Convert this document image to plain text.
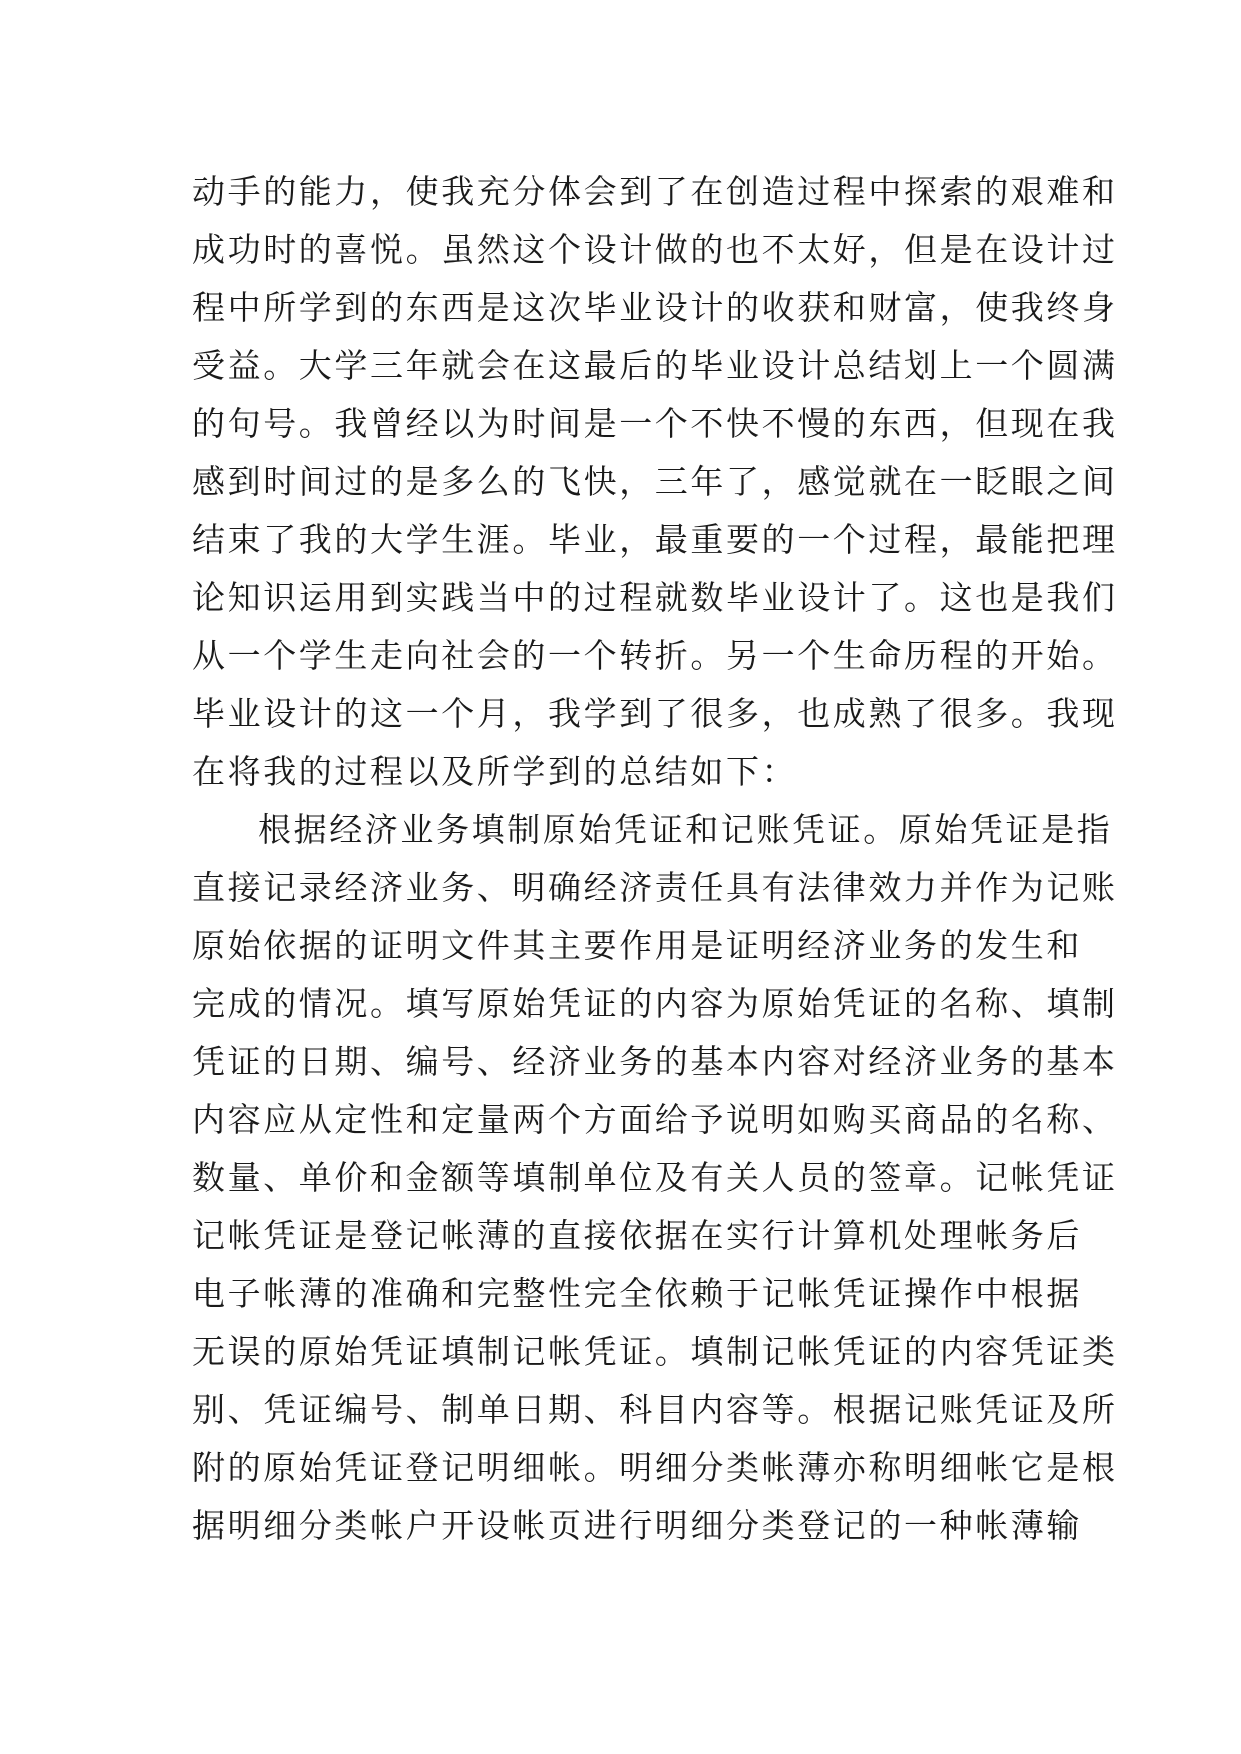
动手的能力，使我充分体会到了在创造过程中探索的艰难和
成功时的喜悦。虽然这个设计做的也不太好，但是在设计过
程中所学到的东西是这次毕业设计的收获和财富，使我终身
受益。大学三年就会在这最后的毕业设计总结划上一个圆满
的句号。我曾经以为时间是一个不快不慢的东西，但现在我
感到时间过的是多么的飞快，三年了，感觉就在一眨眼之间
结束了我的大学生涯。毕业，最重要的一个过程，最能把理
论知识运用到实践当中的过程就数毕业设计了。这也是我们
从一个学生走向社会的一个转折。另一个生命历程的开始。
毕业设计的这一个月，我学到了很多，也成熟了很多。我现
在将我的过程以及所学到的总结如下：
根据经济业务填制原始凭证和记账凭证。原始凭证是指
直接记录经济业务、明确经济责任具有法律效力并作为记账
原始依据的证明文件其主要作用是证明经济业务的发生和
完成的情况。填写原始凭证的内容为原始凭证的名称、填制
凭证的日期、编号、经济业务的基本内容对经济业务的基本
内容应从定性和定量两个方面给予说明如购买商品的名称、
数量、单价和金额等填制单位及有关人员的签章。记帐凭证
记帐凭证是登记帐薄的直接依据在实行计算机处理帐务后
电子帐薄的准确和完整性完全依赖于记帐凭证操作中根据
无误的原始凭证填制记帐凭证。填制记帐凭证的内容凭证类
别、凭证编号、制单日期、科目内容等。根据记账凭证及所
附的原始凭证登记明细帐。明细分类帐薄亦称明细帐它是根
据明细分类帐户开设帐页进行明细分类登记的一种帐薄输
